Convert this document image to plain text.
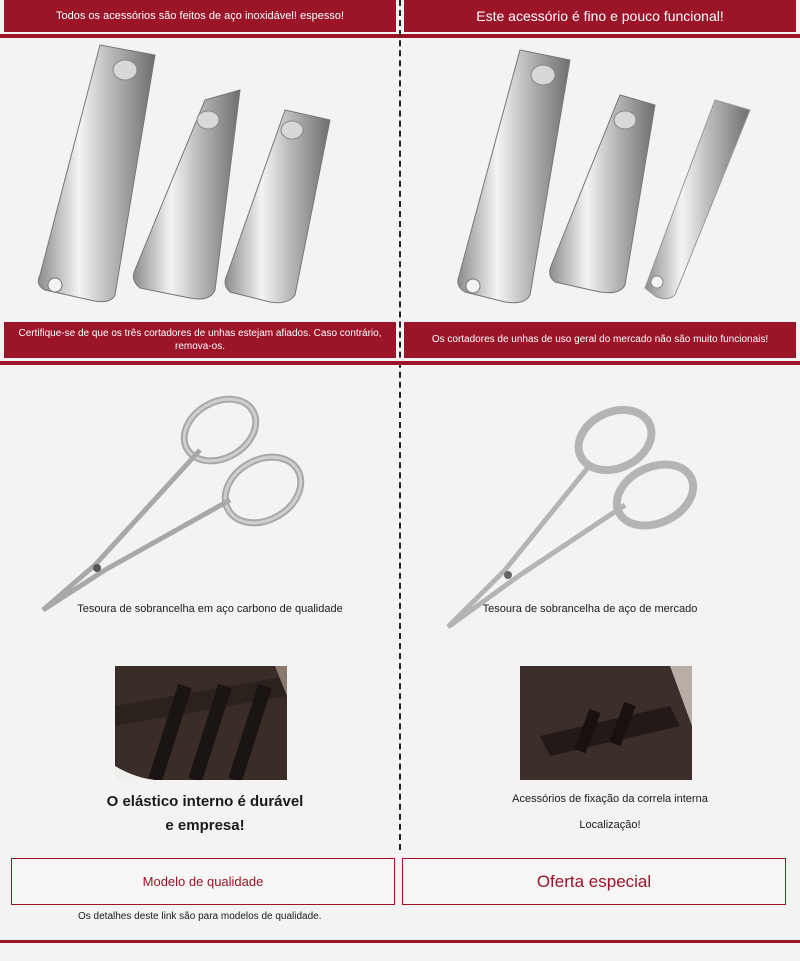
Todos os acessórios são feitos de aço inoxidável! espesso!	Este acessório é fino e pouco funcional!
Certifique-se de que os três cortadores de unhas estejam afiados. Caso contrário, remova-os.
Os cortadores de unhas de uso geral do mercado não são muito funcionais!
Tesoura de sobrancelha em aço carbono de qualidade	Tesoura de sobrancelha de aço de mercado
O elástico interno é durável e empresa!
Acessórios de fixação da correla interna
Localização!
Modelo de qualidade	Oferta especial
Os detalhes deste link são para modelos de qualidade.
